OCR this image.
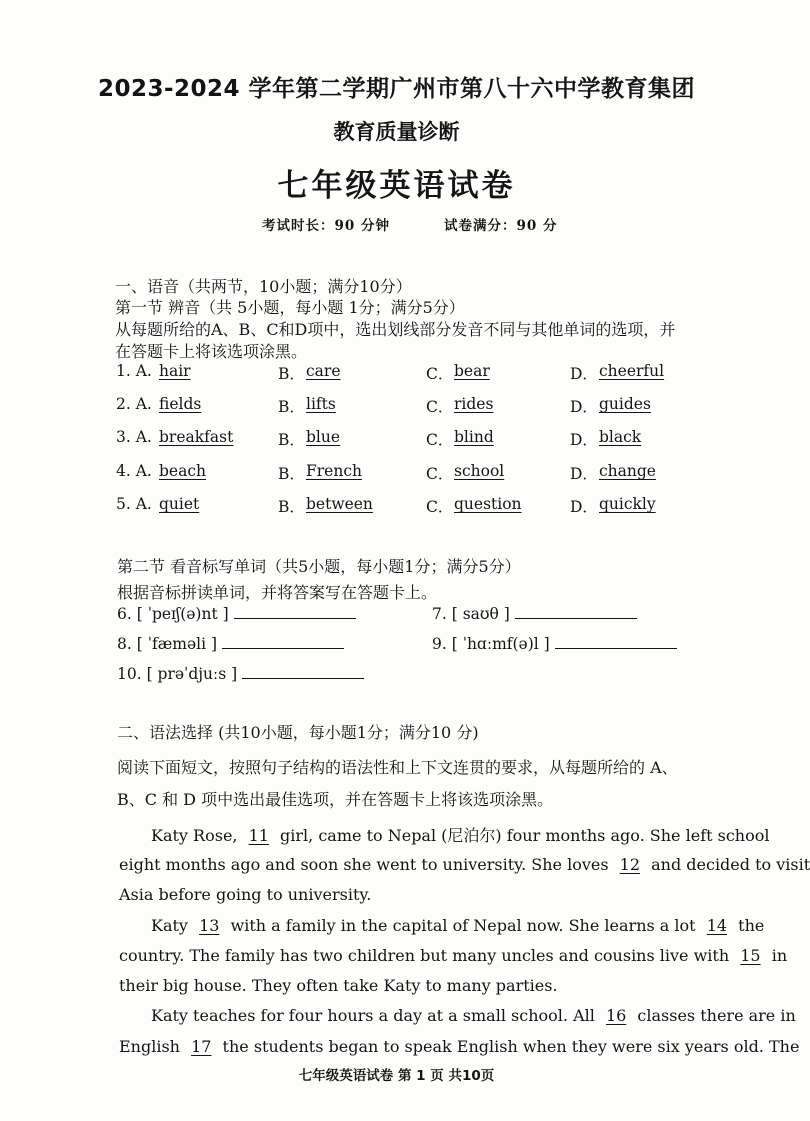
2023-2024 学年第二学期广州市第八十六中学教育集团
教育质量诊断
七年级英语试卷
考试时长：90 分钟	试卷满分：90 分
一、语音（共两节，10小题；满分10分）
第一节 辨音（共 5小题，每小题 1分；满分5分）
从每题所给的A、B、C和D项中，选出划线部分发音不同与其他单词的选项，并
在答题卡上将该选项涂黑。
1. A. hair	B． care	C． bear	D． cheerful
2. A. fields	B． lifts	C． rides	D． guides
3. A. breakfast	B． blue	C． blind	D． black
4. A. beach	B． French	C． school	D． change
5. A. quiet	B． between	C． question	D． quickly
第二节 看音标写单词（共5小题，每小题1分；满分5分）
根据音标拼读单词，并将答案写在答题卡上。
6. [ ˈpeɪʃ(ə)nt ]	7. [ saʊθ ]
8. [ ˈfæməli ]	9. [ ˈhɑːmf(ə)l ]
10. [ prəˈdjuːs ]
二、语法选择 (共10小题，每小题1分；满分10 分)
阅读下面短文，按照句子结构的语法性和上下文连贯的要求，从每题所给的 A、
B、C 和 D 项中选出最佳选项，并在答题卡上将该选项涂黑。
Katy Rose, 11 girl, came to Nepal (尼泊尔) four months ago. She left school
eight months ago and soon she went to university. She loves 12 and decided to visit
Asia before going to university.
Katy 13 with a family in the capital of Nepal now. She learns a lot 14 the
country. The family has two children but many uncles and cousins live with 15 in
their big house. They often take Katy to many parties.
Katy teaches for four hours a day at a small school. All 16 classes there are in
English 17 the students began to speak English when they were six years old. The
七年级英语试卷 第 1 页 共10页
